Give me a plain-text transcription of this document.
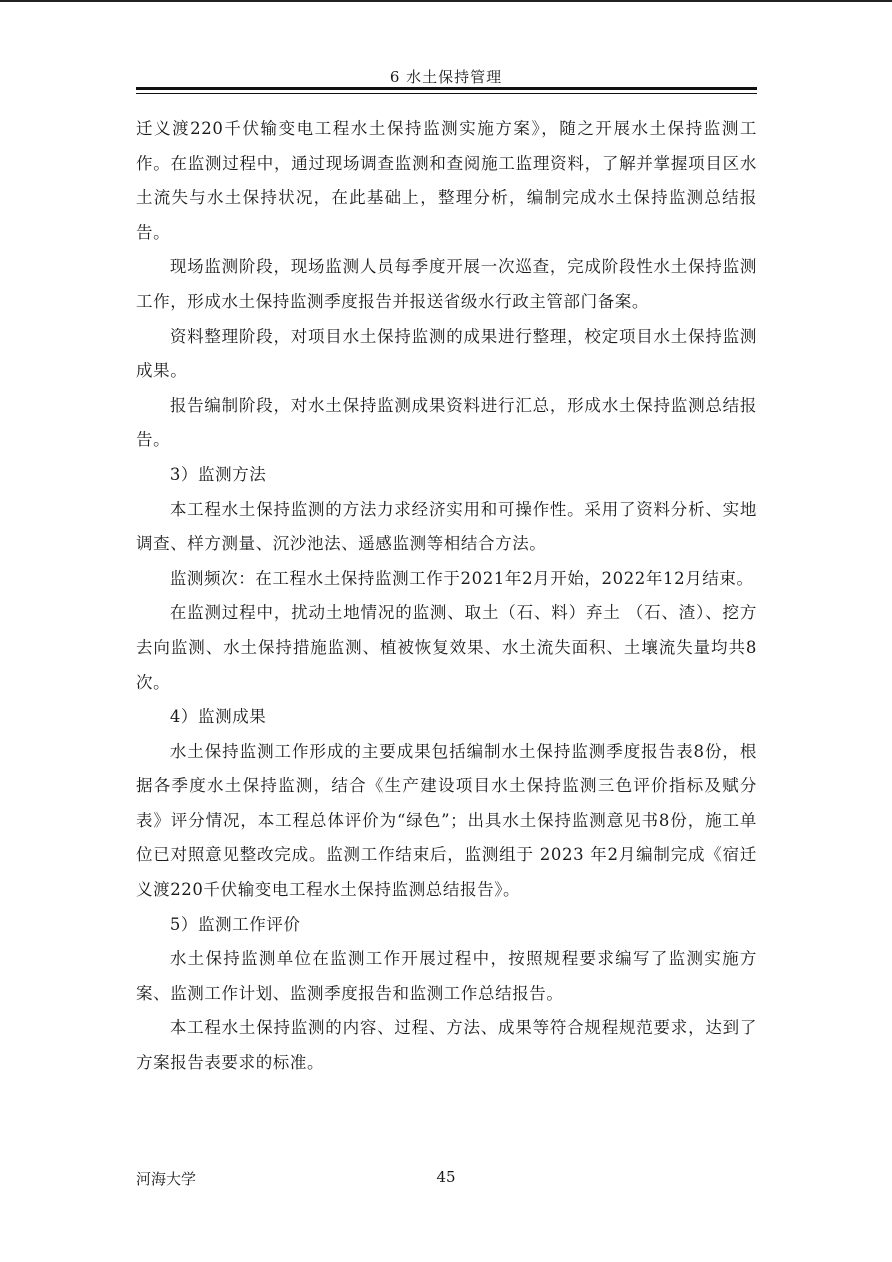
6 水土保持管理

迁义渡220千伏输变电工程水土保持监测实施方案》，随之开展水土保持监测工作。在监测过程中，通过现场调查监测和查阅施工监理资料，了解并掌握项目区水土流失与水土保持状况，在此基础上，整理分析，编制完成水土保持监测总结报告。

现场监测阶段，现场监测人员每季度开展一次巡查，完成阶段性水土保持监测工作，形成水土保持监测季度报告并报送省级水行政主管部门备案。

资料整理阶段，对项目水土保持监测的成果进行整理，校定项目水土保持监测成果。

报告编制阶段，对水土保持监测成果资料进行汇总，形成水土保持监测总结报告。

3）监测方法

本工程水土保持监测的方法力求经济实用和可操作性。采用了资料分析、实地调查、样方测量、沉沙池法、遥感监测等相结合方法。

监测频次：在工程水土保持监测工作于2021年2月开始，2022年12月结束。

在监测过程中，扰动土地情况的监测、取土（石、料）弃土 （石、渣）、挖方去向监测、水土保持措施监测、植被恢复效果、水土流失面积、土壤流失量均共8次。

4）监测成果

水土保持监测工作形成的主要成果包括编制水土保持监测季度报告表8份，根据各季度水土保持监测，结合《生产建设项目水土保持监测三色评价指标及赋分表》评分情况，本工程总体评价为“绿色”；出具水土保持监测意见书8份，施工单位已对照意见整改完成。监测工作结束后，监测组于 2023 年2月编制完成《宿迁义渡220千伏输变电工程水土保持监测总结报告》。

5）监测工作评价

水土保持监测单位在监测工作开展过程中，按照规程要求编写了监测实施方案、监测工作计划、监测季度报告和监测工作总结报告。

本工程水土保持监测的内容、过程、方法、成果等符合规程规范要求，达到了方案报告表要求的标准。

河海大学	45
